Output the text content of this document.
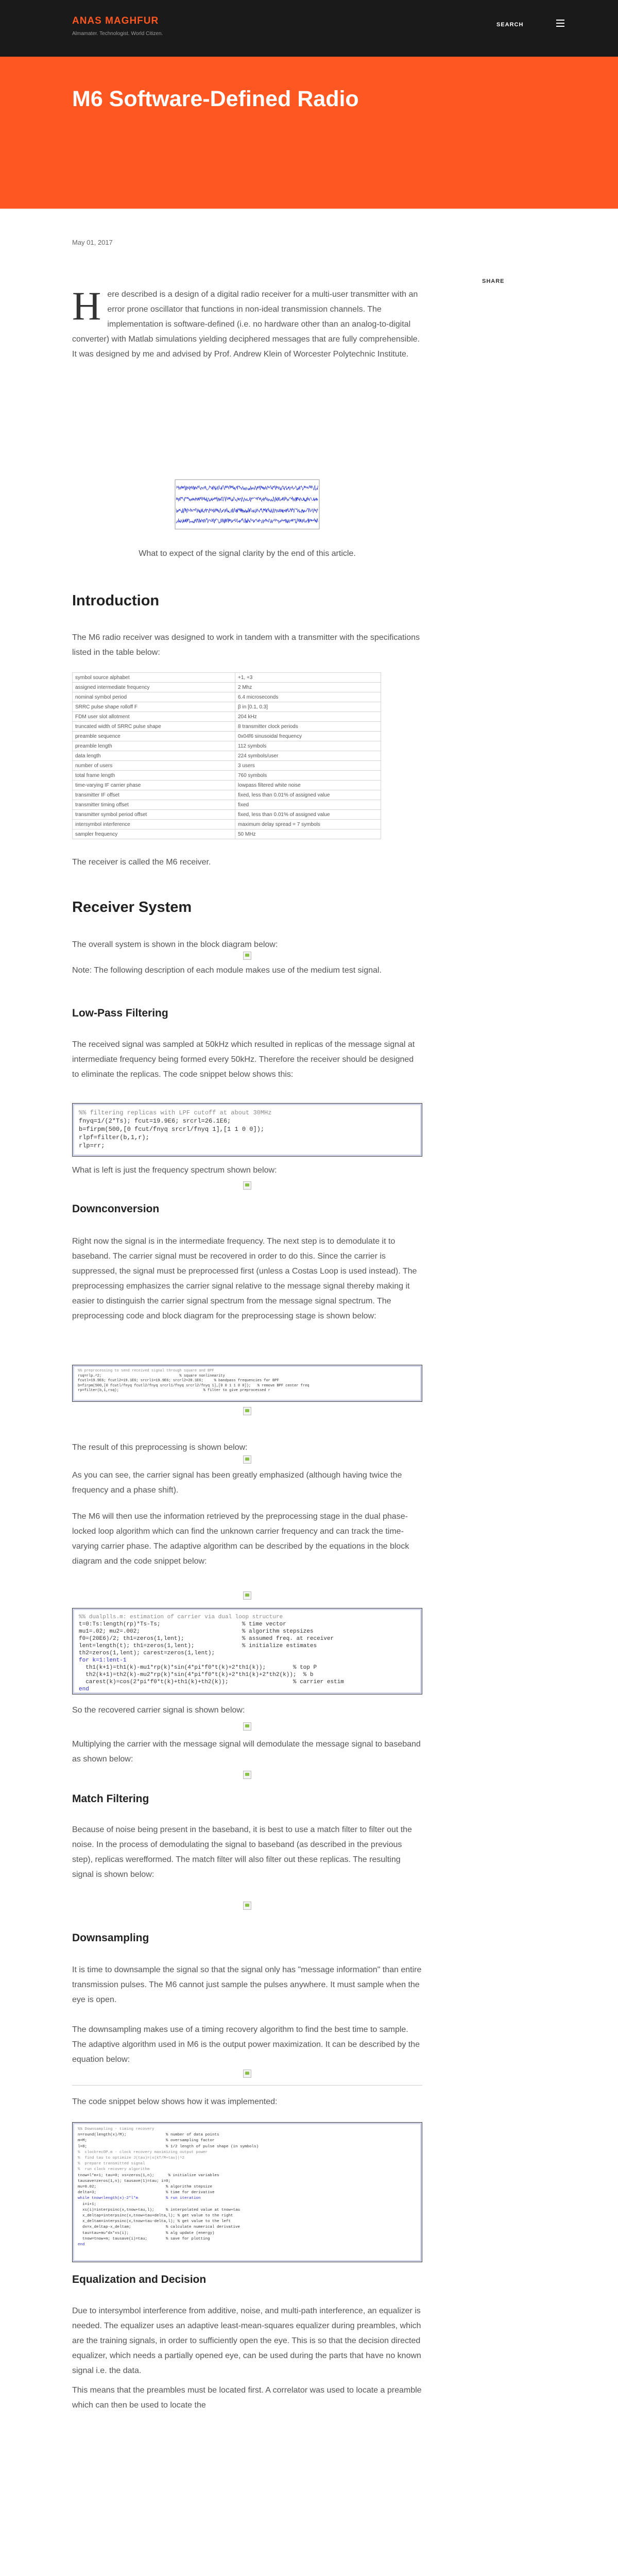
ANAS MAGHFUR
Almamater. Technologist. World Citizen.
SEARCH
M6 Software-Defined Radio
May 01, 2017
SHARE
Here described is a design of a digital radio receiver for a multi-user transmitter with an error prone oscillator that functions in non-ideal transmission channels. The implementation is software-defined (i.e. no hardware other than an analog-to-digital converter) with Matlab simulations yielding deciphered messages that are fully comprehensible. It was designed by me and advised by Prof. Andrew Klein of Worcester Polytechnic Institute.
What to expect of the signal clarity by the end of this article.
Introduction
The M6 radio receiver was designed to work in tandem with a transmitter with the specifications listed in the table below:
symbol source alphabet	+1, +3
assigned intermediate frequency	2 Mhz
nominal symbol period	6.4 microseconds
SRRC pulse shape rolloff F	β in [0.1, 0.3]
FDM user slot allotment	204 kHz
truncated width of SRRC pulse shape	8 transmitter clock periods
preamble sequence	0x04f6 sinusoidal frequency
preamble length	112 symbols
data length	224 symbols/user
number of users	3 users
total frame length	760 symbols
time-varying IF carrier phase	lowpass filtered white noise
transmitter IF offset	fixed, less than 0.01% of assigned value
transmitter timing offset	fixed
transmitter symbol period offset	fixed, less than 0.01% of assigned value
intersymbol interference	maximum delay spread = 7 symbols
sampler frequency	50 MHz
The receiver is called the M6 receiver.
Receiver System
The overall system is shown in the block diagram below:
Note: The following description of each module makes use of the medium test signal.
Low-Pass Filtering
The received signal was sampled at 50kHz which resulted in replicas of the message signal at intermediate frequency being formed every 50kHz. Therefore the receiver should be designed to eliminate the replicas. The code snippet below shows this:
%% filtering replicas with LPF cutoff at about 30MHz
fnyq=1/(2*Ts); fcut=19.9E6; srcrl=26.1E6;
b=firpm(500,[0 fcut/fnyq srcrl/fnyq 1],[1 1 0 0]);
rlpf=filter(b,1,r);
rlp=rr;
What is left is just the frequency spectrum shown below:
Downconversion
Right now the signal is in the intermediate frequency. The next step is to demodulate it to baseband. The carrier signal must be recovered in order to do this. Since the carrier is suppressed, the signal must be preprocessed first (unless a Costas Loop is used instead). The preprocessing emphasizes the carrier signal relative to the message signal thereby making it easier to distinguish the carrier signal spectrum from the message signal spectrum. The preprocessing code and block diagram for the preprocessing stage is shown below:
%% preprocessing to send received signal through square and BPF
rsq=rlp.^2;                                    % square nonlinearity
fcutl=19.9E6; fcutl2=19.1E6; srcrl1=19.9E6; srcrl2=20.1E6;     % bandpass frequencies for BPF
b=firpm(500,[0 fcutl/fnyq fcutl2/fnyq srcrl1/fnyq srcrl2/fnyq 1],[0 0 1 1 0 0]);   % remove BPF center freq
rp=filter(b,1,rsq);                                       % filter to give preprocessed r
The result of this preprocessing is shown below:
As you can see, the carrier signal has been greatly emphasized (although having twice the frequency and a phase shift).
The M6 will then use the information retrieved by the preprocessing stage in the dual phase-locked loop algorithm which can find the unknown carrier frequency and can track the time-varying carrier phase. The adaptive algorithm can be described by the equations in the block diagram and the code snippet below:
%% dualplls.m: estimation of carrier via dual loop structure
t=0:Ts:length(rp)*Ts-Ts;                        % time vector
mu1=.02; mu2=.002;                              % algorithm stepsizes
f0=(20E6)/2; th1=zeros(1,lent);                 % assumed freq. at receiver
lent=length(t); th1=zeros(1,lent);              % initialize estimates
th2=zeros(1,lent); carest=zeros(1,lent);
for k=1:lent-1
th1(k+1)=th1(k)-mu1*rp(k)*sin(4*pi*f0*t(k)+2*th1(k));        % top P
th2(k+1)=th2(k)-mu2*rp(k)*sin(4*pi*f0*t(k)+2*th1(k)+2*th2(k));  % b
carest(k)=cos(2*pi*f0*t(k)+th1(k)+th2(k));                   % carrier estim
end
So the recovered carrier signal is shown below:
Multiplying the carrier with the message signal will demodulate the message signal to baseband as shown below:
Match Filtering
Because of noise being present in the baseband, it is best to use a match filter to filter out the noise. In the process of demodulating the signal to baseband (as described in the previous step), replicas werefformed. The match filter will also filter out these replicas. The resulting signal is shown below:
Downsampling
It is time to downsample the signal so that the signal only has "message information" than entire transmission pulses. The M6 cannot just sample the pulses anywhere. It must sample when the eye is open.
The downsampling makes use of a timing recovery algorithm to find the best time to sample. The adaptive algorithm used in M6 is the output power maximization. It can be described by the equation below:
The code snippet below shows how it was implemented:
%% Downsampling - timing recovery
n=round(length(x)/M);                 % number of data points
m=M;                                  % oversampling factor
l=8;                                  % 1/2 length of pulse shape (in symbols)
%  clockrecOP.m - clock recovery maximizing output power
%  find tau to optimize J(tau)=|x(kT/M+tau)|^2
%  prepare transmitted signal
%  run clock recovery algorithm
tnow=l*m+1; tau=0; xs=zeros(1,n);      % initialize variables
tausave=zeros(1,n); tausave(1)=tau; i=0;
mu=0.02;                              % algorithm stepsize
delta=3;                              % time for derivative
while tnow<length(x)-2*l*m            % run iteration
i=i+1;
xs(i)=interpsinc(x,tnow+tau,l);     % interpolated value at tnow+tau
x_deltap=interpsinc(x,tnow+tau+delta,l); % get value to the right
x_deltam=interpsinc(x,tnow+tau-delta,l); % get value to the left
dx=x_deltap-x_deltam;               % calculate numerical derivative
tau=tau+mu*dx*xs(i);                % alg update (energy)
tnow=tnow+m; tausave(i)=tau;        % save for plotting
end
Equalization and Decision
Due to intersymbol interference from additive, noise, and multi-path interference, an equalizer is needed. The equalizer uses an adaptive least-mean-squares equalizer during preambles, which are the training signals, in order to sufficiently open the eye. This is so that the decision directed equalizer, which needs a partially opened eye, can be used during the parts that have no known signal i.e. the data.
This means that the preambles must be located first. A correlator was used to locate a preamble which can then be used to locate the
